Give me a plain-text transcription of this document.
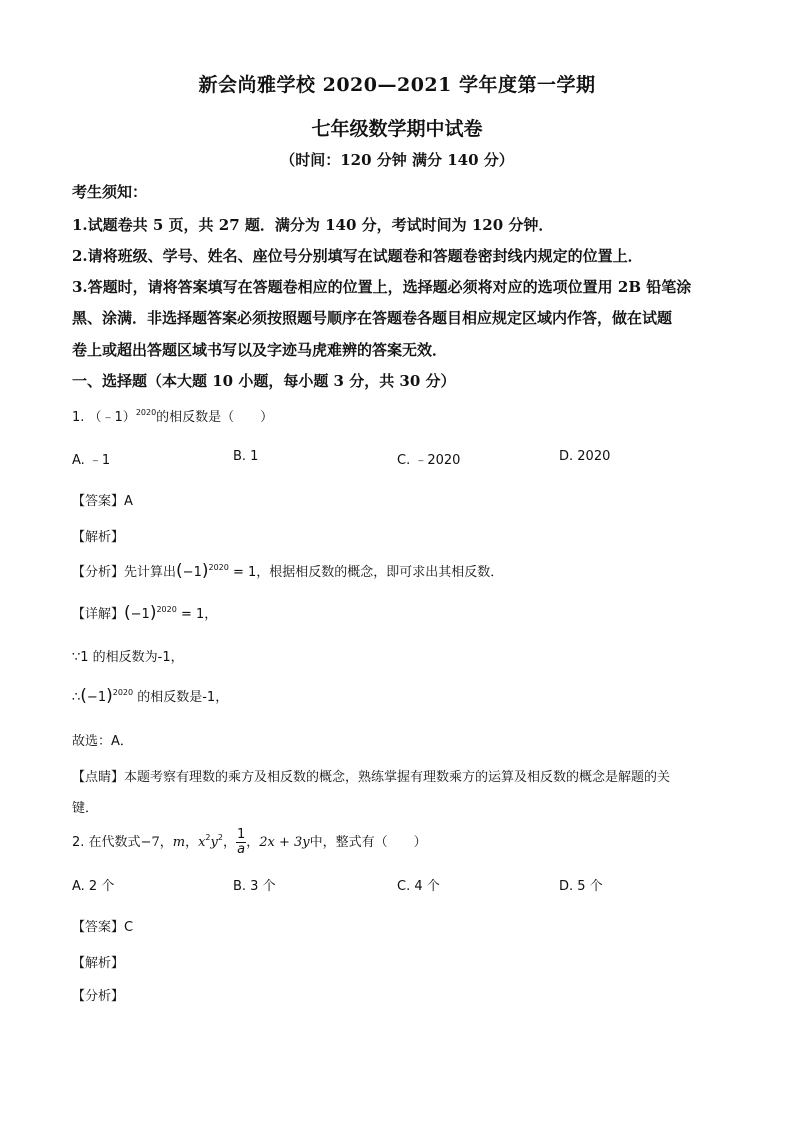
新会尚雅学校 2020—2021 学年度第一学期
七年级数学期中试卷
（时间：120 分钟 满分 140 分）
考生须知：
1.试题卷共 5 页，共 27 题．满分为 140 分，考试时间为 120 分钟．
2.请将班级、学号、姓名、座位号分别填写在试题卷和答题卷密封线内规定的位置上．
3.答题时，请将答案填写在答题卷相应的位置上，选择题必须将对应的选项位置用 2B 铅笔涂
黑、涂满．非选择题答案必须按照题号顺序在答题卷各题目相应规定区域内作答，做在试题
卷上或超出答题区域书写以及字迹马虎难辨的答案无效．
一、选择题（本大题 10 小题，每小题 3 分，共 30 分）
1. （﹣1）$^{2020}$的相反数是（　　）
A. ﹣1	B. 1	C. ﹣2020	D. 2020
【答案】A
【解析】
【分析】先计算出$(-1)^{2020} = 1$，根据相反数的概念，即可求出其相反数．
【详解】$(-1)^{2020} = 1$，
∵1 的相反数为-1，
$\therefore(-1)^{2020}$ 的相反数是-1，
故选：A．
【点睛】本题考察有理数的乘方及相反数的概念，熟练掌握有理数乘方的运算及相反数的概念是解题的关
键．
2. 在代数式−7，m，$x^2y^2$， $\frac{1}{a}$ ，2x + 3y中，整式有（　　）
A. 2 个	B. 3 个	C. 4 个	D. 5 个
【答案】C
【解析】
【分析】
